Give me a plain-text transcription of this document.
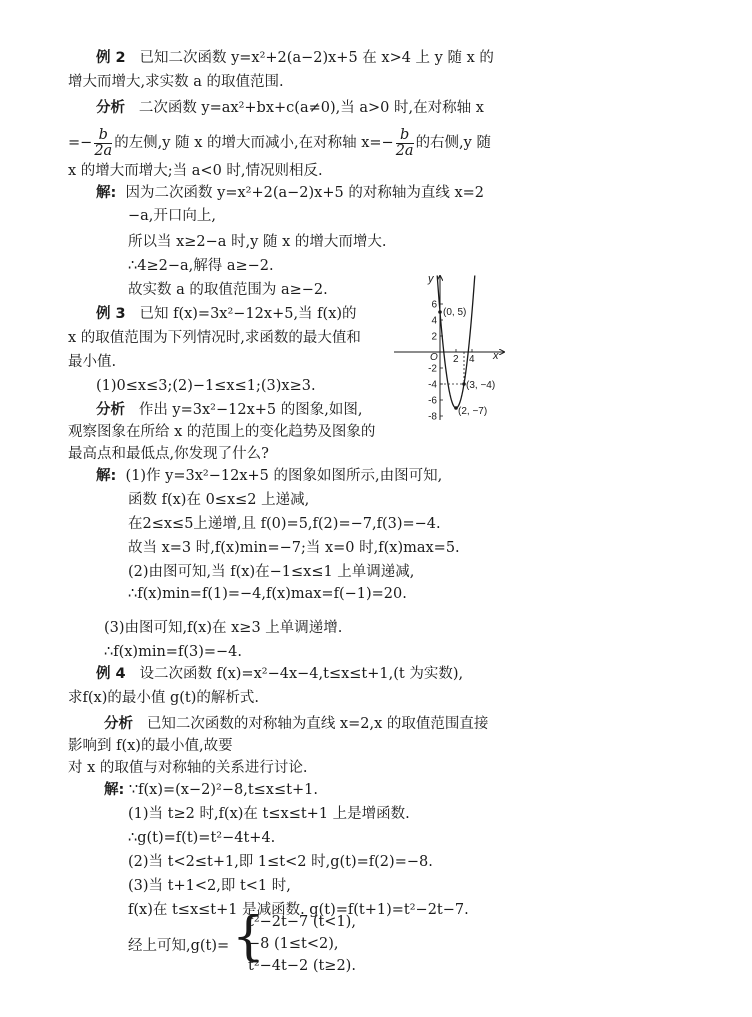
例 2 已知二次函数 y=x²+2(a−2)x+5 在 x>4 上 y 随 x 的
增大而增大,求实数 a 的取值范围.
分析 二次函数 y=ax²+bx+c(a≠0),当 a>0 时,在对称轴 x
=− $\frac{b}{2a}$ 的左侧,y 随 x 的增大而减小,在对称轴 $x=- \frac{b}{2a}$ 的右侧,y 随
x 的增大而增大;当 a<0 时,情况则相反.
解: 因为二次函数 y=x²+2(a−2)x+5 的对称轴为直线 x=2
−a,开口向上,
所以当 x≥2−a 时,y 随 x 的增大而增大.
∴4≥2−a,解得 a≥−2.
故实数 a 的取值范围为 a≥−2.
例 3 已知 f(x)=3x²−12x+5,当 f(x)的
x 的取值范围为下列情况时,求函数的最大值和
最小值.
(1)0≤x≤3;(2)−1≤x≤1;(3)x≥3.
分析 作出 y=3x²−12x+5 的图象,如图,
观察图象在所给 x 的范围上的变化趋势及图象的
最高点和最低点,你发现了什么?
y
x
O
6
4
2
-2
-4
-6
-8
2 4
(0, 5)
(3, −4)
(2, −7)
解: (1)作 y=3x²−12x+5 的图象如图所示,由图可知,
函数 f(x)在 0≤x≤2 上递减,
在2≤x≤5上递增,且 f(0)=5,f(2)=−7,f(3)=−4.
故当 x=3 时,f(x)min=−7;当 x=0 时,f(x)max=5.
(2)由图可知,当 f(x)在−1≤x≤1 上单调递减,
∴f(x)min=f(1)=−4,f(x)max=f(−1)=20.
(3)由图可知,f(x)在 x≥3 上单调递增.
∴f(x)min=f(3)=−4.
例 4 设二次函数 f(x)=x²−4x−4,t≤x≤t+1,(t 为实数),
求f(x)的最小值 g(t)的解析式.
分析 已知二次函数的对称轴为直线 x=2,x 的取值范围直接
影响到 f(x)的最小值,故要
对 x 的取值与对称轴的关系进行讨论.
解: ∵f(x)=(x−2)²−8,t≤x≤t+1.
(1)当 t≥2 时,f(x)在 t≤x≤t+1 上是增函数.
∴g(t)=f(t)=t²−4t+4.
(2)当 t<2≤t+1,即 1≤t<2 时,g(t)=f(2)=−8.
(3)当 t+1<2,即 t<1 时,
f(x)在 t≤x≤t+1 是减函数. g(t)=f(t+1)=t²−2t−7.
经上可知,g(t)= {
t²−2t−7 (t<1),
−8 (1≤t<2),
t²−4t−2 (t≥2).
